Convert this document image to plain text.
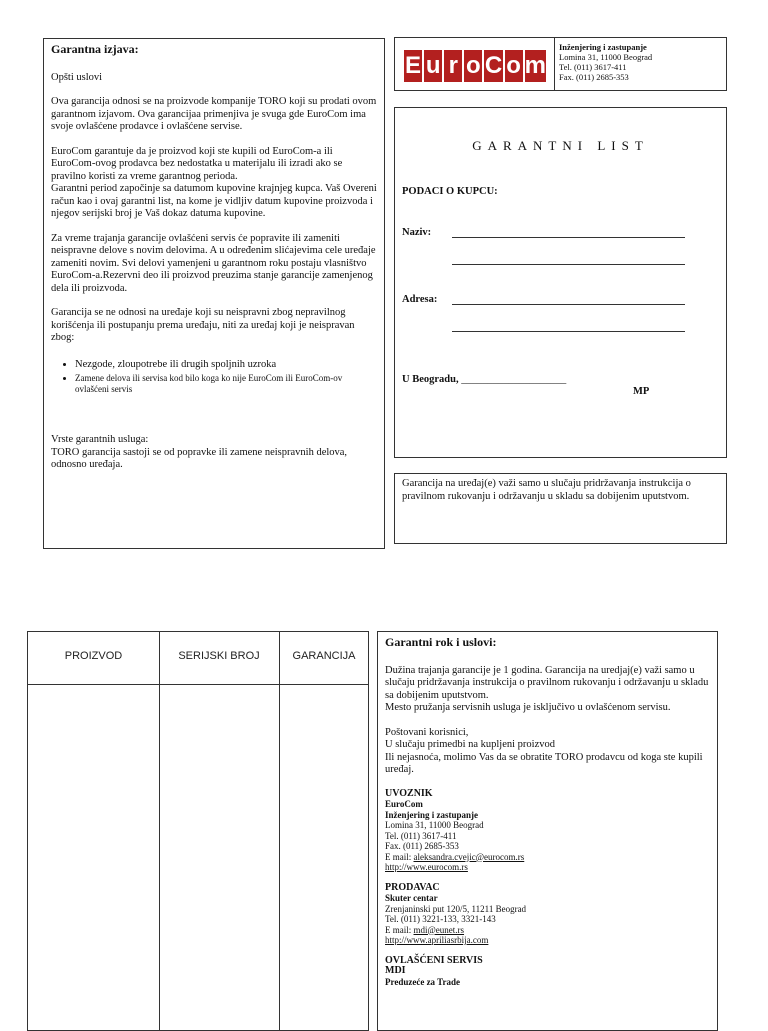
Garantna izjava:

Opšti uslovi

Ova garancija odnosi se na proizvode kompanije TORO koji su prodati ovom garantnom izjavom. Ova garancijaa primenjiva je svuga gde EuroCom ima svoje ovlašćene prodavce i ovlašćene servise.

EuroCom garantuje da je proizvod koji ste kupili od EuroCom-a ili EuroCom-ovog prodavca bez nedostatka u materijalu ili izradi ako se pravilno koristi za vreme garantnog perioda.

Garantni period započinje sa datumom kupovine krajnjeg kupca. Vaš Overeni račun kao i ovaj garantni list, na kome je vidljiv datum kupovine proizvoda i njegov serijski broj je Vaš dokaz datuma kupovine.

Za vreme trajanja garancije ovlašćeni servis će popravite ili zameniti neispravne delove s novim delovima. A u određenim slićajevima cele uređaje zameniti novim. Svi delovi yamenjeni u garantnom roku postaju vlasništvo EuroCom-a.Rezervni deo ili proizvod preuzima stanje garancije zamenjenog dela ili proizvoda.

Garancija se ne odnosi na uređaje koji su neispravni zbog nepravilnog korišćenja ili postupanju prema uređaju, niti za uređaj koji je neispravan zbog:

• Nezgode, zloupotrebe ili drugih spoljnih uzroka
• Zamene delova ili servisa kod bilo koga ko nije EuroCom ili EuroCom-ov ovlašćeni servis

Vrste garantnih usluga:

TORO garancija sastoji se od popravke ili zamene neispravnih delova, odnosno uređaja.

E u r o C o m

Inženjering i zastupanje

Lomina 31, 11000 Beograd

Tel. (011) 3617-411

Fax. (011) 2685-353

GARANTNI LIST
PODACI O KUPCU:
Naziv:
Adresa:
U Beogradu, ____________________
MP

Garancija na uređaj(e) važi samo u slučaju pridržavanja instrukcija o pravilnom rukovanju i održavanju u skladu sa dobijenim uputstvom.

PROIZVOD	SERIJSKI BROJ	GARANCIJA

Garantni rok i uslovi:

Dužina trajanja garancije je 1 godina. Garancija na uredjaj(e) važi samo u slučaju pridržavanja instrukcija o pravilnom rukovanju i održavanju u skladu sa dobijenim uputstvom.

Mesto pružanja servisnih usluga je isključivo u ovlašćenom servisu.

Poštovani korisnici,

U slučaju primedbi na kupljeni proizvod

Ili nejasnoća, molimo Vas da se obratite TORO prodavcu od koga ste kupili uređaj.

UVOZNIK

EuroCom

Inženjering i zastupanje

Lomina 31, 11000 Beograd

Tel. (011) 3617-411

Fax. (011) 2685-353

E mail: aleksandra.cvejic@eurocom.rs

http://www.eurocom.rs

PRODAVAC

Skuter centar

Zrenjaninski put 120/5, 11211 Beograd

Tel. (011) 3221-133, 3321-143

E mail: mdi@eunet.rs

http://www.apriliasrbija.com

OVLAŠĆENI SERVIS

MDI

Preduzeće za Trade
